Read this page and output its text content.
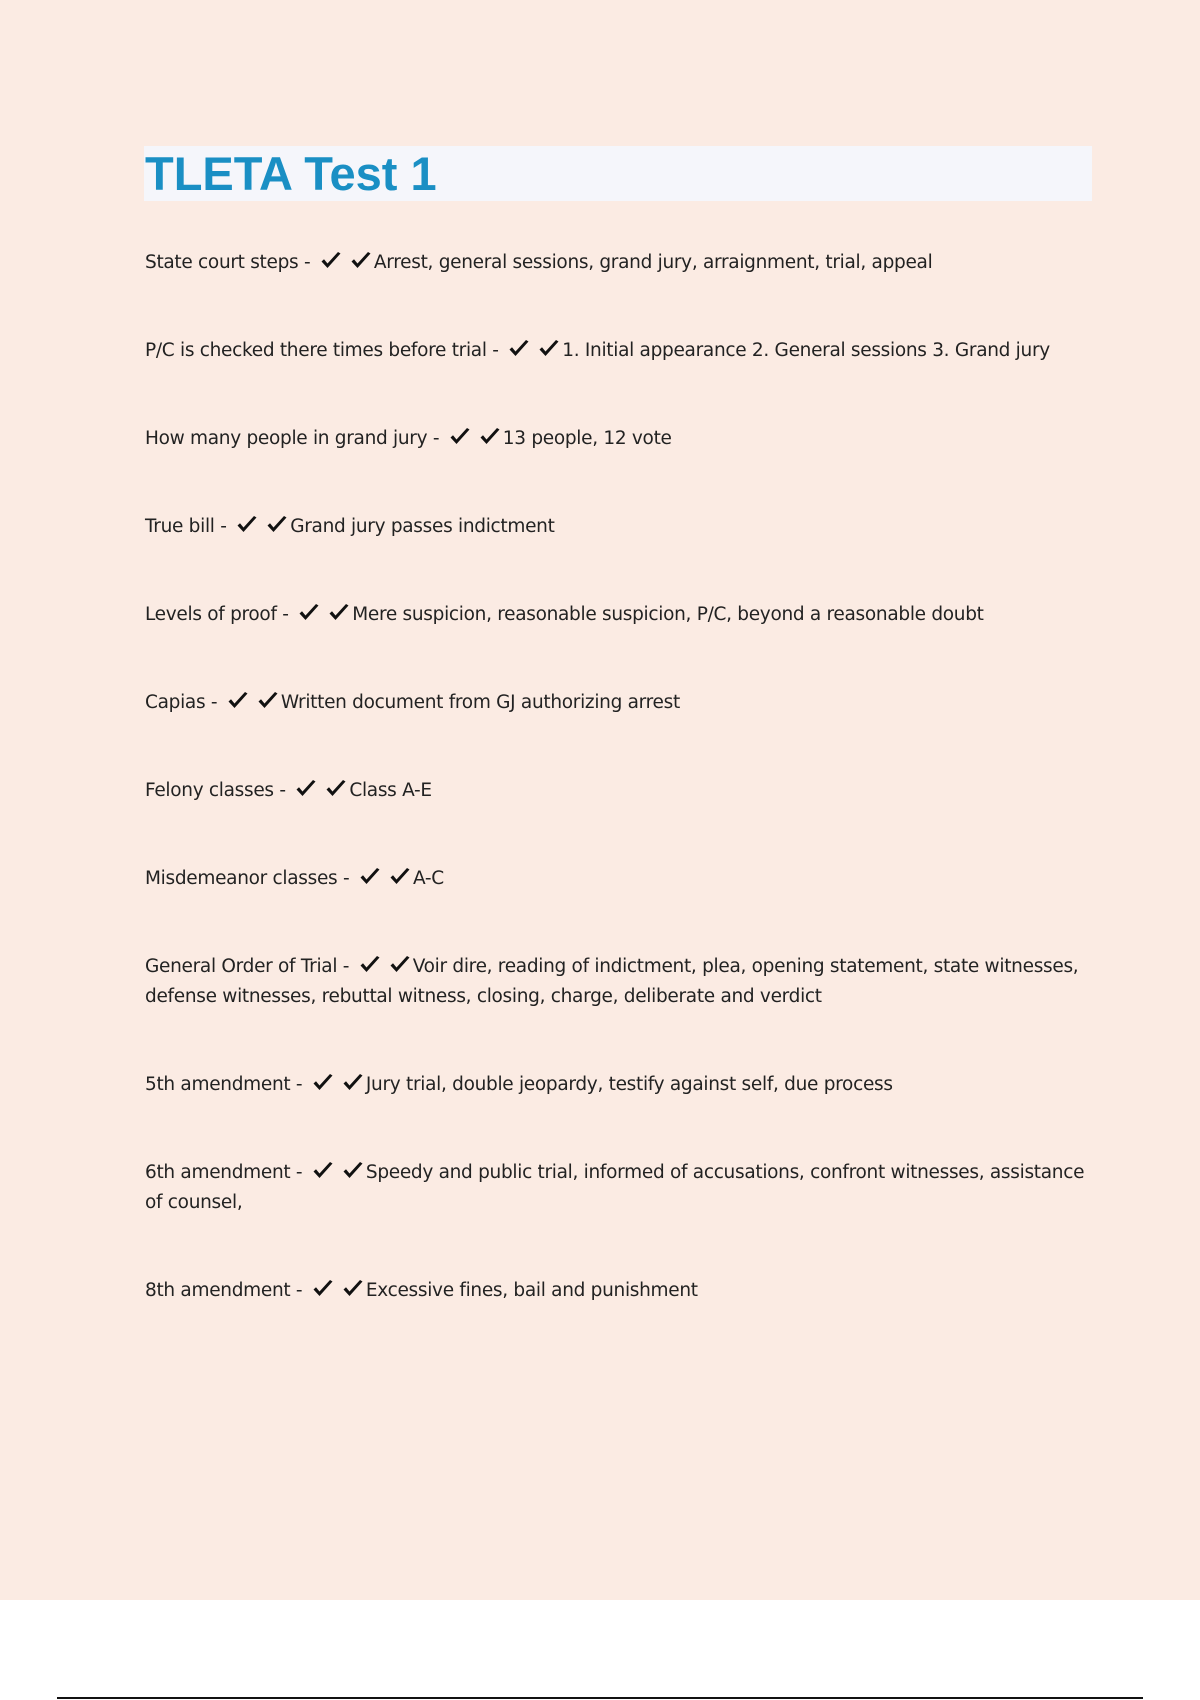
TLETA Test 1
State court steps -	Arrest, general sessions, grand jury, arraignment, trial, appeal
P/C is checked there times before trial -	1. Initial appearance 2. General sessions 3. Grand jury
How many people in grand jury -	13 people, 12 vote
True bill -	Grand jury passes indictment
Levels of proof -	Mere suspicion, reasonable suspicion, P/C, beyond a reasonable doubt
Capias -	Written document from GJ authorizing arrest
Felony classes -	Class A-E
Misdemeanor classes -	A-C
General Order of Trial -	Voir dire, reading of indictment, plea, opening statement, state witnesses, defense witnesses, rebuttal witness, closing, charge, deliberate and verdict
5th amendment -	Jury trial, double jeopardy, testify against self, due process
6th amendment -	Speedy and public trial, informed of accusations, confront witnesses, assistance of counsel,
8th amendment -	Excessive fines, bail and punishment
